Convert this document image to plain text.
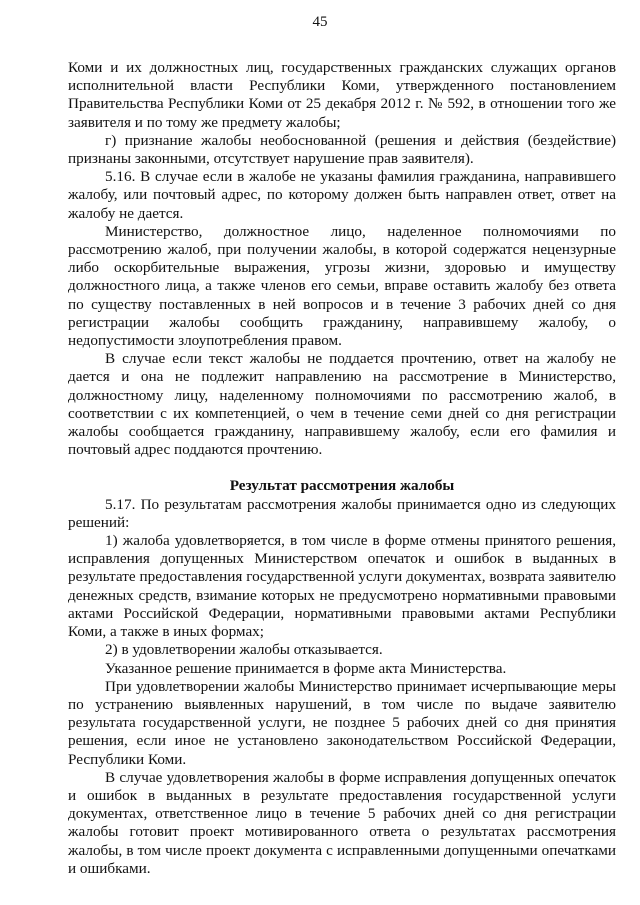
45

Коми и их должностных лиц, государственных гражданских служащих органов исполнительной власти Республики Коми, утвержденного постановлением Правительства Республики Коми от 25 декабря 2012 г. № 592, в отношении того же заявителя и по тому же предмету жалобы;

г) признание жалобы необоснованной (решения и действия (бездействие) признаны законными, отсутствует нарушение прав заявителя).

5.16. В случае если в жалобе не указаны фамилия гражданина, направившего жалобу, или почтовый адрес, по которому должен быть направлен ответ, ответ на жалобу не дается.

Министерство, должностное лицо, наделенное полномочиями по рассмотрению жалоб, при получении жалобы, в которой содержатся нецензурные либо оскорбительные выражения, угрозы жизни, здоровью и имуществу должностного лица, а также членов его семьи, вправе оставить жалобу без ответа по существу поставленных в ней вопросов и в течение 3 рабочих дней со дня регистрации жалобы сообщить гражданину, направившему жалобу, о недопустимости злоупотребления правом.

В случае если текст жалобы не поддается прочтению, ответ на жалобу не дается и она не подлежит направлению на рассмотрение в Министерство, должностному лицу, наделенному полномочиями по рассмотрению жалоб, в соответствии с их компетенцией, о чем в течение семи дней со дня регистрации жалобы сообщается гражданину, направившему жалобу, если его фамилия и почтовый адрес поддаются прочтению.

Результат рассмотрения жалобы

5.17. По результатам рассмотрения жалобы принимается одно из следующих решений:

1) жалоба удовлетворяется, в том числе в форме отмены принятого решения, исправления допущенных Министерством опечаток и ошибок в выданных в результате предоставления государственной услуги документах, возврата заявителю денежных средств, взимание которых не предусмотрено нормативными правовыми актами Российской Федерации, нормативными правовыми актами Республики Коми, а также в иных формах;

2) в удовлетворении жалобы отказывается.

Указанное решение принимается в форме акта Министерства.

При удовлетворении жалобы Министерство принимает исчерпывающие меры по устранению выявленных нарушений, в том числе по выдаче заявителю результата государственной услуги, не позднее 5 рабочих дней со дня принятия решения, если иное не установлено законодательством Российской Федерации, Республики Коми.

В случае удовлетворения жалобы в форме исправления допущенных опечаток и ошибок в выданных в результате предоставления государственной услуги документах, ответственное лицо в течение 5 рабочих дней со дня регистрации жалобы готовит проект мотивированного ответа о результатах рассмотрения жалобы, в том числе проект документа с исправленными допущенными опечатками и ошибками.
